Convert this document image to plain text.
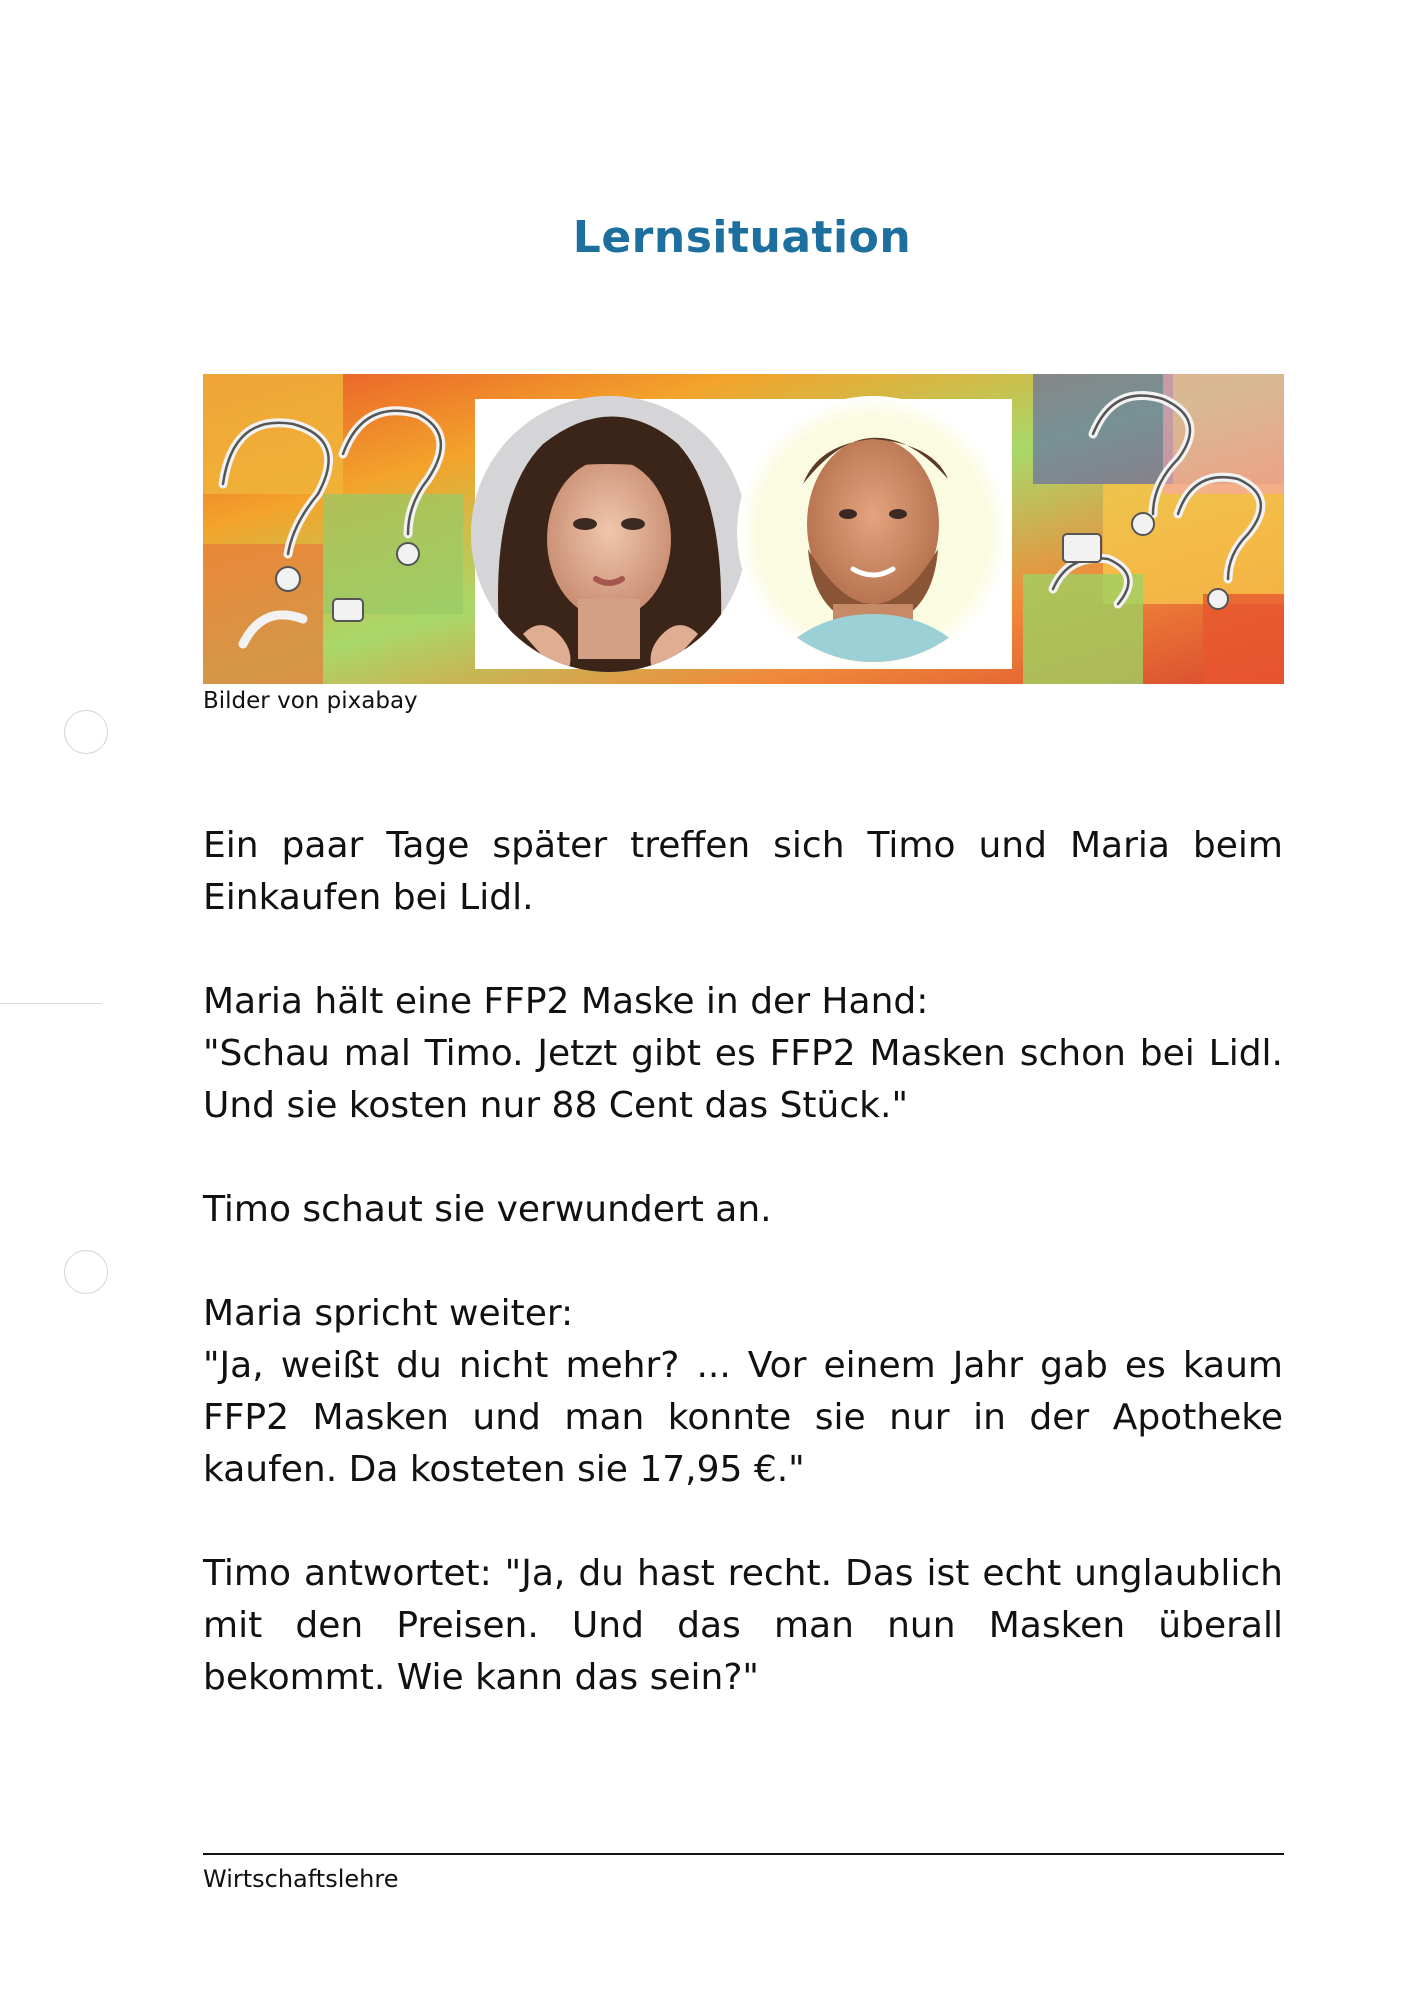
Lernsituation
Bilder von pixabay

Ein paar Tage später treffen sich Timo und Maria beim Einkaufen bei Lidl.

Maria hält eine FFP2 Maske in der Hand:
"Schau mal Timo. Jetzt gibt es FFP2 Masken schon bei Lidl. Und sie kosten nur 88 Cent das Stück."

Timo schaut sie verwundert an.

Maria spricht weiter:
"Ja, weißt du nicht mehr? ... Vor einem Jahr gab es kaum FFP2 Masken und man konnte sie nur in der Apotheke kaufen. Da kosteten sie 17,95 €."

Timo antwortet: "Ja, du hast recht. Das ist echt unglaublich mit den Preisen. Und das man nun Masken überall bekommt. Wie kann das sein?"

Wirtschaftslehre
